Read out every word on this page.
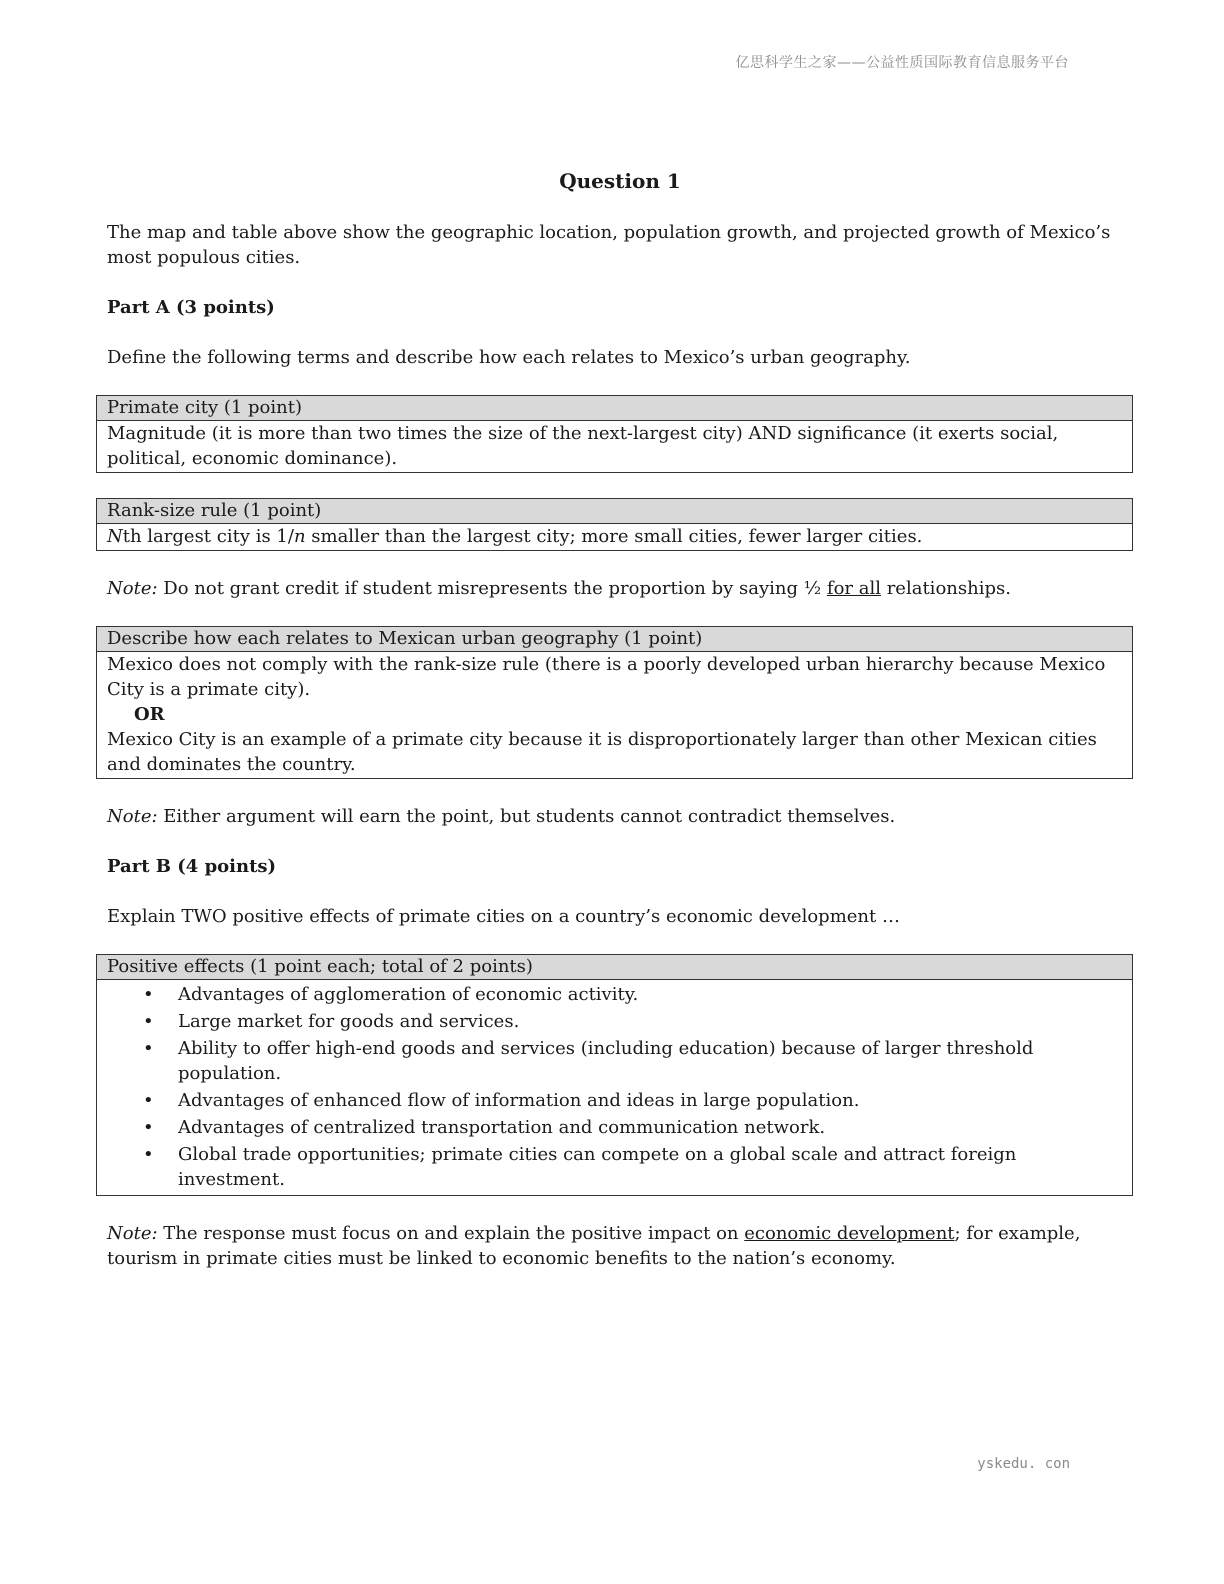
亿思科学生之家——公益性质国际教育信息服务平台
Question 1

The map and table above show the geographic location, population growth, and projected growth of Mexico’s most populous cities.

Part A (3 points)

Define the following terms and describe how each relates to Mexico’s urban geography.

Primate city (1 point)
Magnitude (it is more than two times the size of the next-largest city) AND significance (it exerts social, political, economic dominance).
Rank-size rule (1 point)
Nth largest city is 1/n smaller than the largest city; more small cities, fewer larger cities.

Note: Do not grant credit if student misrepresents the proportion by saying ½ for all relationships.

Describe how each relates to Mexican urban geography (1 point)
Mexico does not comply with the rank-size rule (there is a poorly developed urban hierarchy because Mexico City is a primate city).
OR
Mexico City is an example of a primate city because it is disproportionately larger than other Mexican cities and dominates the country.

Note: Either argument will earn the point, but students cannot contradict themselves.

Part B (4 points)

Explain TWO positive effects of primate cities on a country’s economic development …

Positive effects (1 point each; total of 2 points)
• Advantages of agglomeration of economic activity.
• Large market for goods and services.
• Ability to offer high-end goods and services (including education) because of larger threshold population.
• Advantages of enhanced flow of information and ideas in large population.
• Advantages of centralized transportation and communication network.
• Global trade opportunities; primate cities can compete on a global scale and attract foreign investment.

Note: The response must focus on and explain the positive impact on economic development; for example, tourism in primate cities must be linked to economic benefits to the nation’s economy.

yskedu. con
